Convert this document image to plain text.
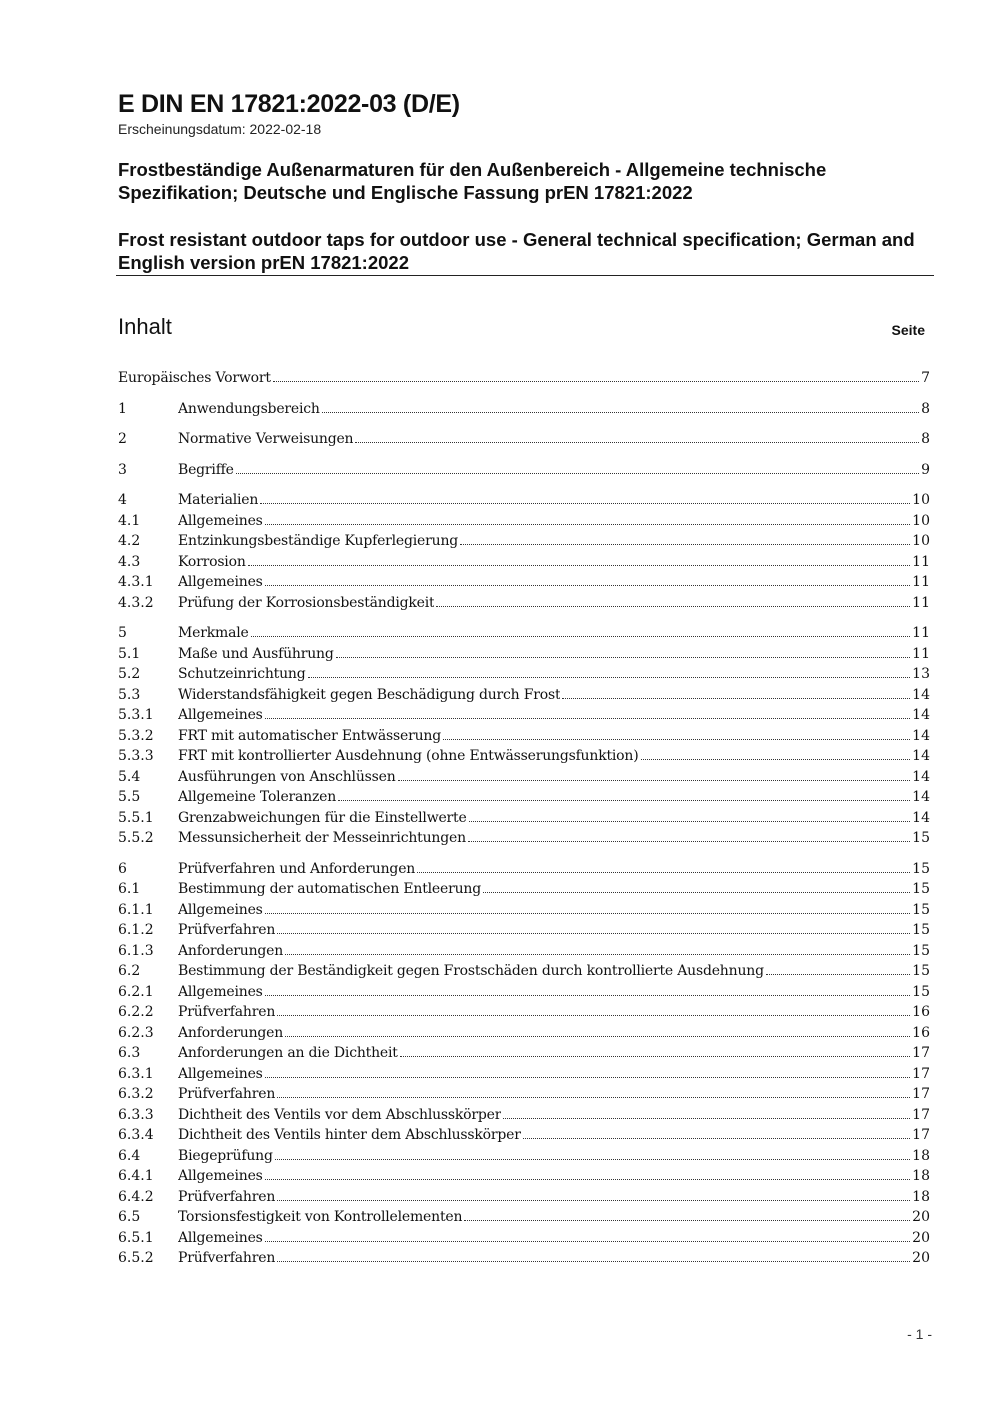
E DIN EN 17821:2022-03 (D/E)
Erscheinungsdatum: 2022-02-18
Frostbeständige Außenarmaturen für den Außenbereich - Allgemeine technische Spezifikation; Deutsche und Englische Fassung prEN 17821:2022
Frost resistant outdoor taps for outdoor use - General technical specification; German and English version prEN 17821:2022
Inhalt	Seite
Europäisches Vorwort	7
1	Anwendungsbereich	8
2	Normative Verweisungen	8
3	Begriffe	9
4	Materialien	10
4.1	Allgemeines	10
4.2	Entzinkungsbeständige Kupferlegierung	10
4.3	Korrosion	11
4.3.1	Allgemeines	11
4.3.2	Prüfung der Korrosionsbeständigkeit	11
5	Merkmale	11
5.1	Maße und Ausführung	11
5.2	Schutzeinrichtung	13
5.3	Widerstandsfähigkeit gegen Beschädigung durch Frost	14
5.3.1	Allgemeines	14
5.3.2	FRT mit automatischer Entwässerung	14
5.3.3	FRT mit kontrollierter Ausdehnung (ohne Entwässerungsfunktion)	14
5.4	Ausführungen von Anschlüssen	14
5.5	Allgemeine Toleranzen	14
5.5.1	Grenzabweichungen für die Einstellwerte	14
5.5.2	Messunsicherheit der Messeinrichtungen	15
6	Prüfverfahren und Anforderungen	15
6.1	Bestimmung der automatischen Entleerung	15
6.1.1	Allgemeines	15
6.1.2	Prüfverfahren	15
6.1.3	Anforderungen	15
6.2	Bestimmung der Beständigkeit gegen Frostschäden durch kontrollierte Ausdehnung	15
6.2.1	Allgemeines	15
6.2.2	Prüfverfahren	16
6.2.3	Anforderungen	16
6.3	Anforderungen an die Dichtheit	17
6.3.1	Allgemeines	17
6.3.2	Prüfverfahren	17
6.3.3	Dichtheit des Ventils vor dem Abschlusskörper	17
6.3.4	Dichtheit des Ventils hinter dem Abschlusskörper	17
6.4	Biegeprüfung	18
6.4.1	Allgemeines	18
6.4.2	Prüfverfahren	18
6.5	Torsionsfestigkeit von Kontrollelementen	20
6.5.1	Allgemeines	20
6.5.2	Prüfverfahren	20
- 1 -
